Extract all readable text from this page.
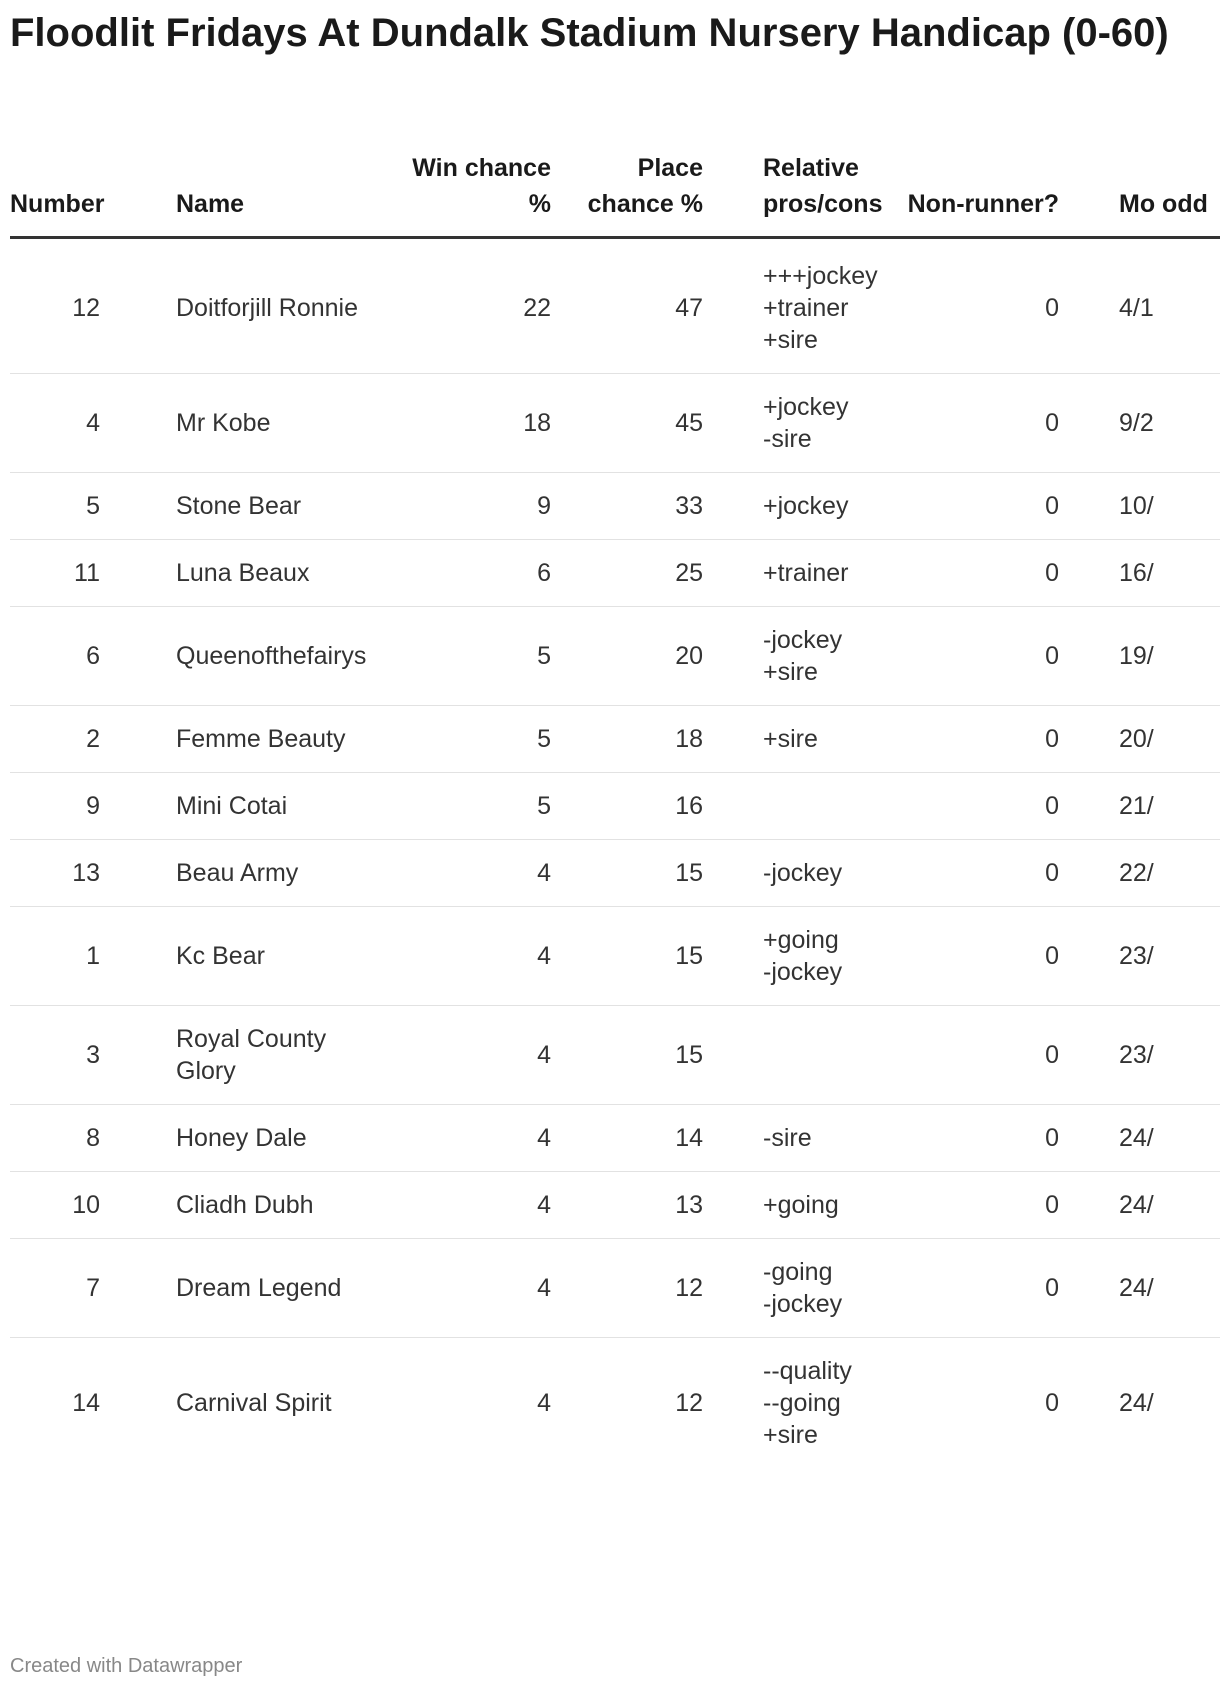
Floodlit Fridays At Dundalk Stadium Nursery Handicap (0-60)
Number	Name	Win chance %	Place chance %	Relative pros/cons	Non-runner?	Mo odd
12	Doitforjill Ronnie	22	47	+++jockey
+trainer
+sire	0	4/1
4	Mr Kobe	18	45	+jockey
-sire	0	9/2
5	Stone Bear	9	33	+jockey	0	10/
11	Luna Beaux	6	25	+trainer	0	16/
6	Queenofthefairys	5	20	-jockey
+sire	0	19/
2	Femme Beauty	5	18	+sire	0	20/
9	Mini Cotai	5	16		0	21/
13	Beau Army	4	15	-jockey	0	22/
1	Kc Bear	4	15	+going
-jockey	0	23/
3	Royal County Glory	4	15		0	23/
8	Honey Dale	4	14	-sire	0	24/
10	Cliadh Dubh	4	13	+going	0	24/
7	Dream Legend	4	12	-going
-jockey	0	24/
14	Carnival Spirit	4	12	--quality
--going
+sire	0	24/
Created with Datawrapper
